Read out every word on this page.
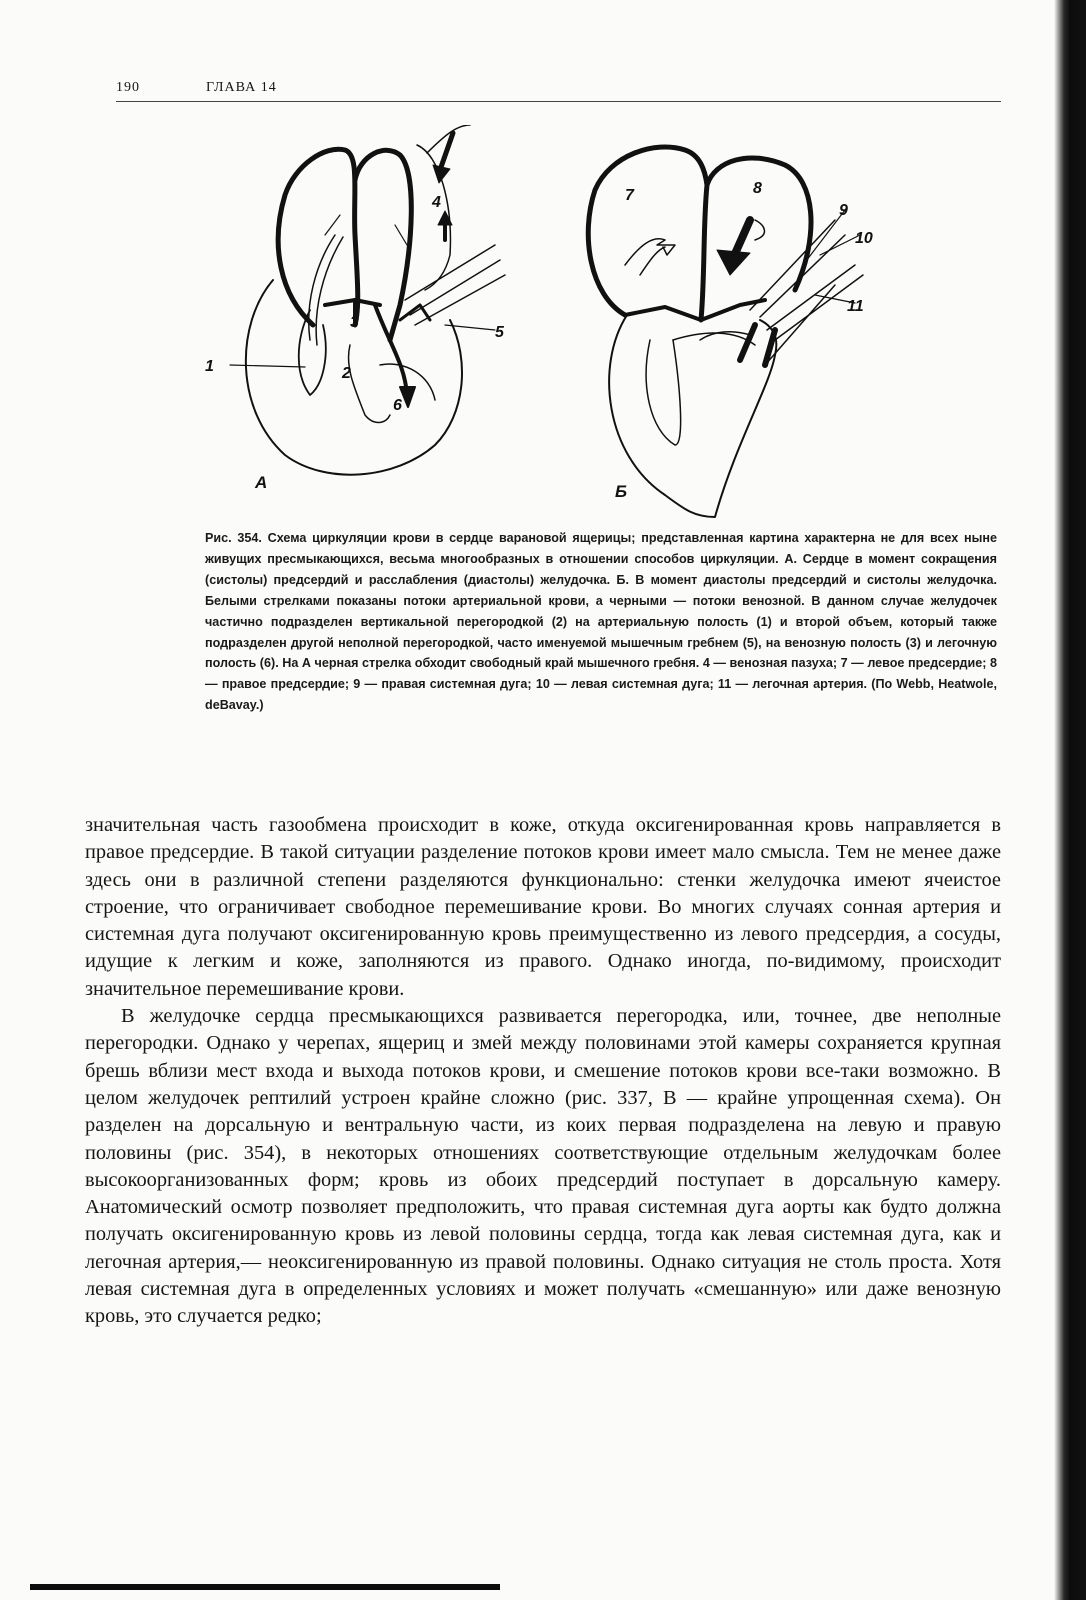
190	ГЛАВА 14
1	2
3
4
5
6
7	8
9
10
11
А	Б
Рис. 354. Схема циркуляции крови в сердце варановой ящерицы; представленная картина характерна не для всех ныне живущих пресмыкающихся, весьма многообразных в отношении способов циркуляции. А. Сердце в момент сокращения (систолы) предсердий и расслабления (диастолы) желудочка. Б. В момент диастолы предсердий и систолы желудочка. Белыми стрелками показаны потоки артериальной крови, а черными — потоки венозной. В данном случае желудочек частично подразделен вертикальной перегородкой (2) на артериальную полость (1) и второй объем, который также подразделен другой неполной перегородкой, часто именуемой мышечным гребнем (5), на венозную полость (3) и легочную полость (6). На А черная стрелка обходит свободный край мышечного гребня. 4 — венозная пазуха; 7 — левое предсердие; 8 — правое предсердие; 9 — правая системная дуга; 10 — левая системная дуга; 11 — легочная артерия. (По Webb, Heatwole, deBavay.)

значительная часть газообмена происходит в коже, откуда оксигенированная кровь направляется в правое предсердие. В такой ситуации разделение потоков крови имеет мало смысла. Тем не менее даже здесь они в различной степени разделяются функционально: стенки желудочка имеют ячеистое строение, что ограничивает свободное перемешивание крови. Во многих случаях сонная артерия и системная дуга получают оксигенированную кровь преимущественно из левого предсердия, а сосуды, идущие к легким и коже, заполняются из правого. Однако иногда, по-видимому, происходит значительное перемешивание крови.

В желудочке сердца пресмыкающихся развивается перегородка, или, точнее, две неполные перегородки. Однако у черепах, ящериц и змей между половинами этой камеры сохраняется крупная брешь вблизи мест входа и выхода потоков крови, и смешение потоков крови все-таки возможно. В целом желудочек рептилий устроен крайне сложно (рис. 337, В — крайне упрощенная схема). Он разделен на дорсальную и вентральную части, из коих первая подразделена на левую и правую половины (рис. 354), в некоторых отношениях соответствующие отдельным желудочкам более высокоорганизованных форм; кровь из обоих предсердий поступает в дорсальную камеру. Анатомический осмотр позволяет предположить, что правая системная дуга аорты как будто должна получать оксигенированную кровь из левой половины сердца, тогда как левая системная дуга, как и легочная артерия,— неоксигенированную из правой половины. Однако ситуация не столь проста. Хотя левая системная дуга в определенных условиях и может получать «смешанную» или даже венозную кровь, это случается редко;
